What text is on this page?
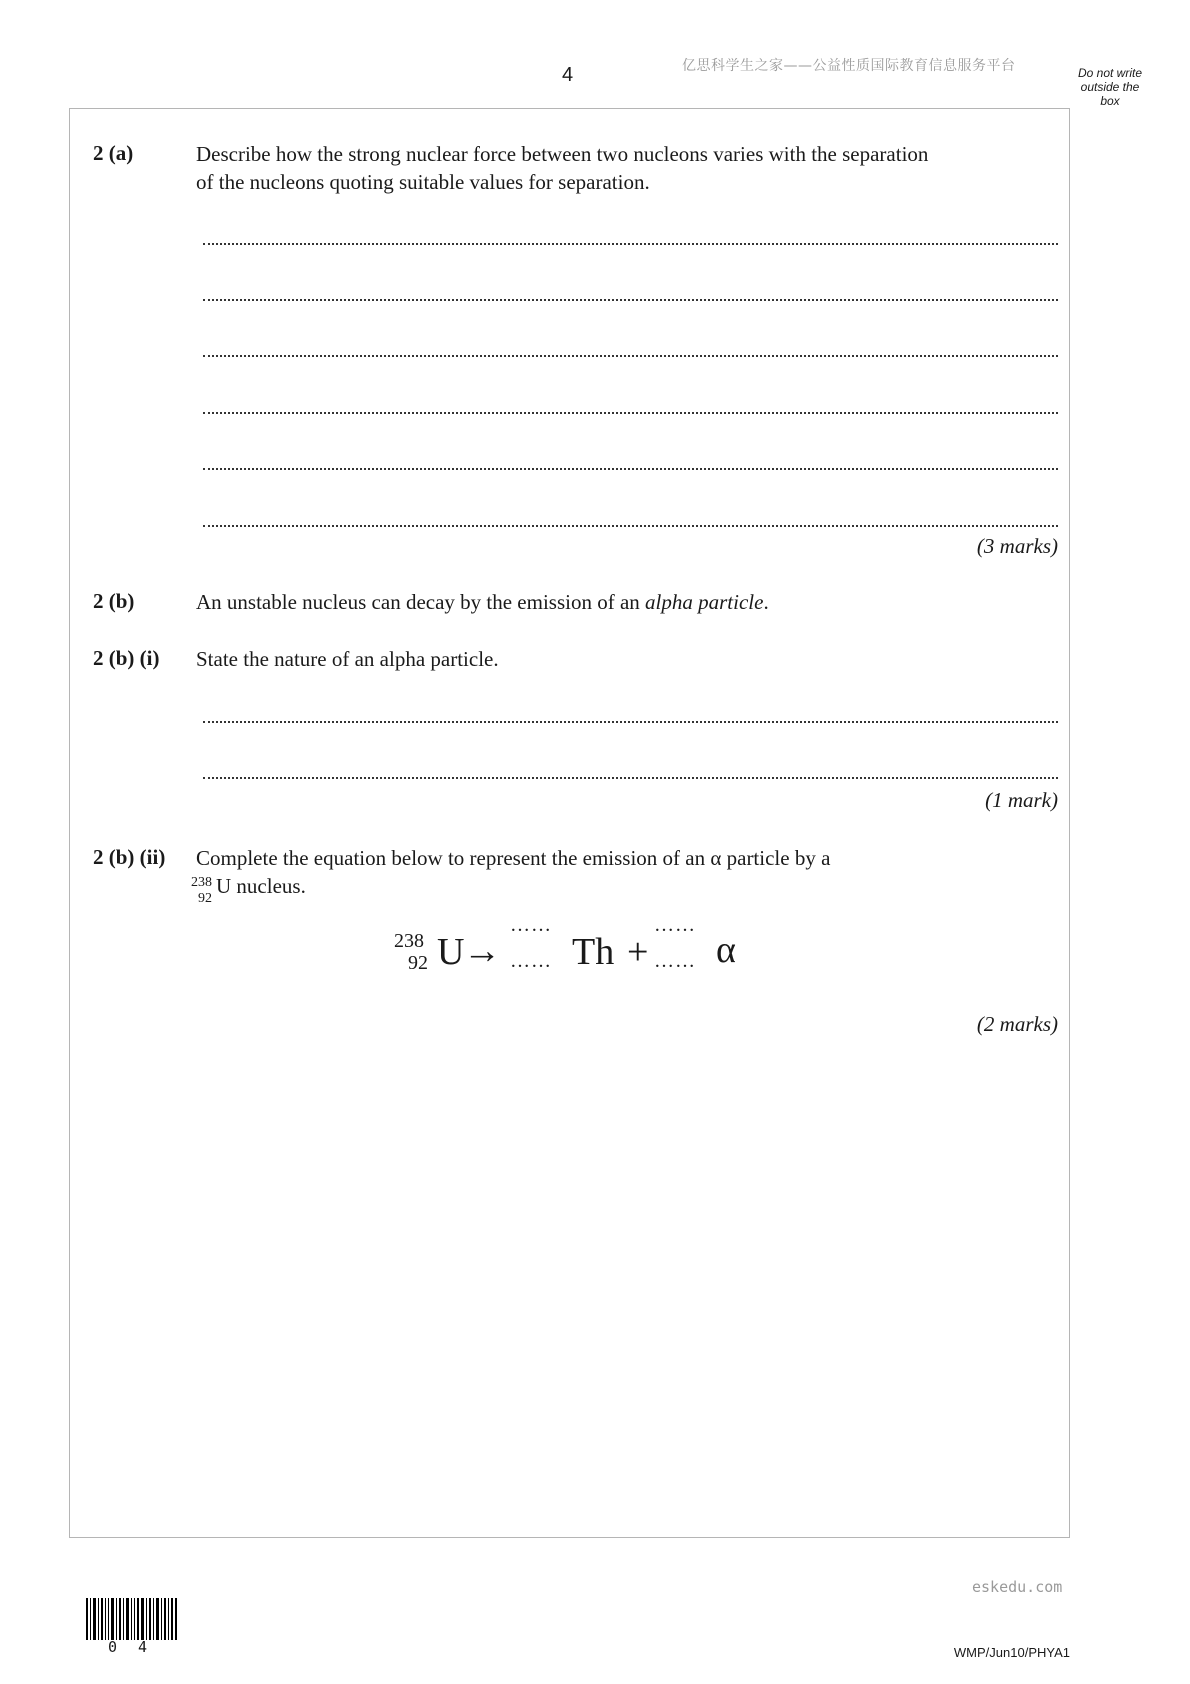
4	亿思科学生之家——公益性质国际教育信息服务平台	Do not write outside the box
2 (a)	Describe how the strong nuclear force between two nucleons varies with the separation
of the nucleons quoting suitable values for separation.
(3 marks)
2 (b)	An unstable nucleus can decay by the emission of an alpha particle.
2 (b) (i) State the nature of an alpha particle.
(1 mark)
2 (b) (ii) Complete the equation below to represent the emission of an α particle by a

238
92
U nucleus.
238
92 U
→
……
…… Th +
……
…… α
(2 marks)
eskedu.com
0 4	WMP/Jun10/PHYA1
